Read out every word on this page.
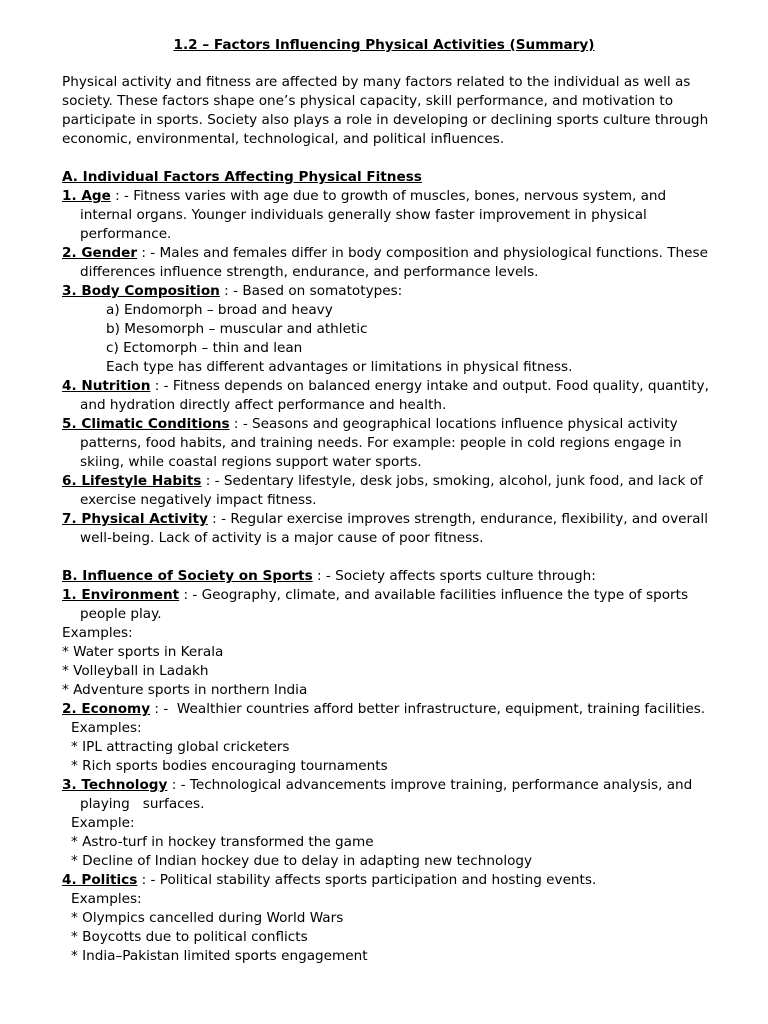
1.2 – Factors Influencing Physical Activities (Summary)
Physical activity and fitness are affected by many factors related to the individual as well as
society. These factors shape one’s physical capacity, skill performance, and motivation to
participate in sports. Society also plays a role in developing or declining sports culture through
economic, environmental, technological, and political influences.
A. Individual Factors Affecting Physical Fitness
1. Age : - Fitness varies with age due to growth of muscles, bones, nervous system, and
internal organs. Younger individuals generally show faster improvement in physical
performance.
2. Gender : - Males and females differ in body composition and physiological functions. These
differences influence strength, endurance, and performance levels.
3. Body Composition : - Based on somatotypes:
a) Endomorph – broad and heavy
b) Mesomorph – muscular and athletic
c) Ectomorph – thin and lean
Each type has different advantages or limitations in physical fitness.
4. Nutrition : - Fitness depends on balanced energy intake and output. Food quality, quantity,
and hydration directly affect performance and health.
5. Climatic Conditions : - Seasons and geographical locations influence physical activity
patterns, food habits, and training needs. For example: people in cold regions engage in
skiing, while coastal regions support water sports.
6. Lifestyle Habits : - Sedentary lifestyle, desk jobs, smoking, alcohol, junk food, and lack of
exercise negatively impact fitness.
7. Physical Activity : - Regular exercise improves strength, endurance, flexibility, and overall
well-being. Lack of activity is a major cause of poor fitness.
B. Influence of Society on Sports : - Society affects sports culture through:
1. Environment : - Geography, climate, and available facilities influence the type of sports
people play.
Examples:
* Water sports in Kerala
* Volleyball in Ladakh
* Adventure sports in northern India
2. Economy : -  Wealthier countries afford better infrastructure, equipment, training facilities.
Examples:
* IPL attracting global cricketers
* Rich sports bodies encouraging tournaments
3. Technology : - Technological advancements improve training, performance analysis, and
playing   surfaces.
Example:
* Astro-turf in hockey transformed the game
* Decline of Indian hockey due to delay in adapting new technology
4. Politics : - Political stability affects sports participation and hosting events.
Examples:
* Olympics cancelled during World Wars
* Boycotts due to political conflicts
* India–Pakistan limited sports engagement
